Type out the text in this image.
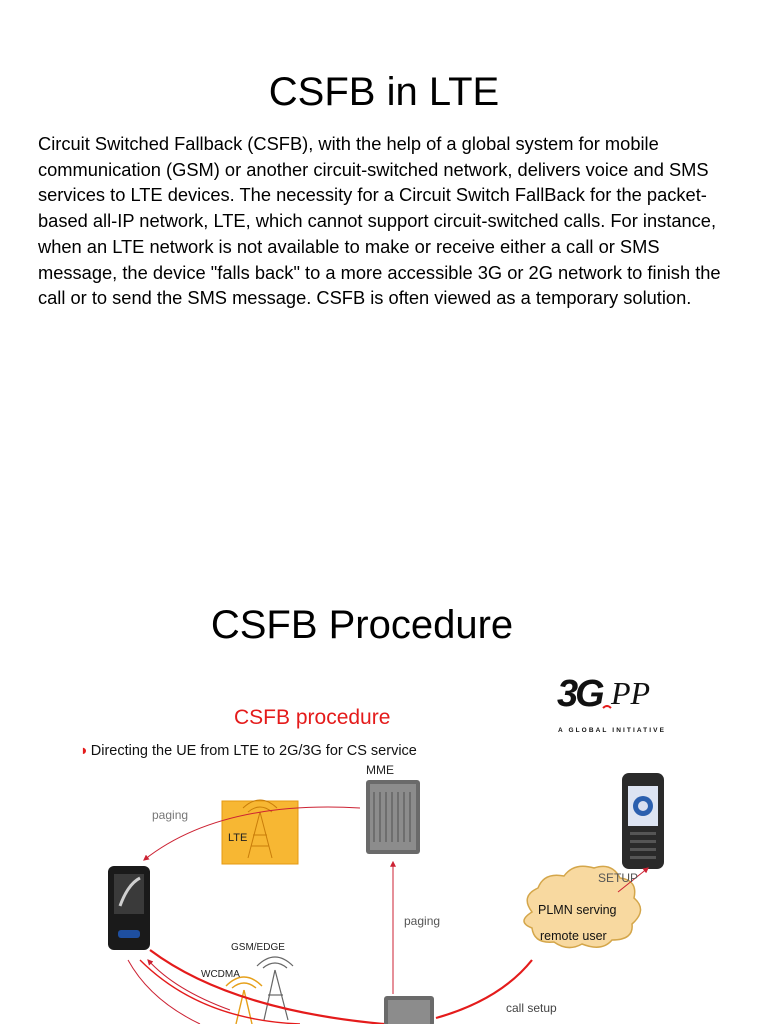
CSFB in LTE

Circuit Switched Fallback (CSFB), with the help of a global system for mobile communication (GSM) or another circuit-switched network, delivers voice and SMS services to LTE devices. The necessity for a Circuit Switch FallBack for the packet-based all-IP network, LTE, which cannot support circuit-switched calls. For instance, when an LTE network is not available to make or receive either a call or SMS message, the device "falls back" to a more accessible 3G or 2G network to finish the call or to send the SMS message. CSFB is often viewed as a temporary solution.

CSFB Procedure
CSFB procedure
◗ Directing the UE from LTE to 2G/3G for CS service
3G PP
A GLOBAL INITIATIVE
MME
paging
LTE
paging
SETUP
GSM/EDGE
WCDMA
call setup
PLMN serving
remote user
